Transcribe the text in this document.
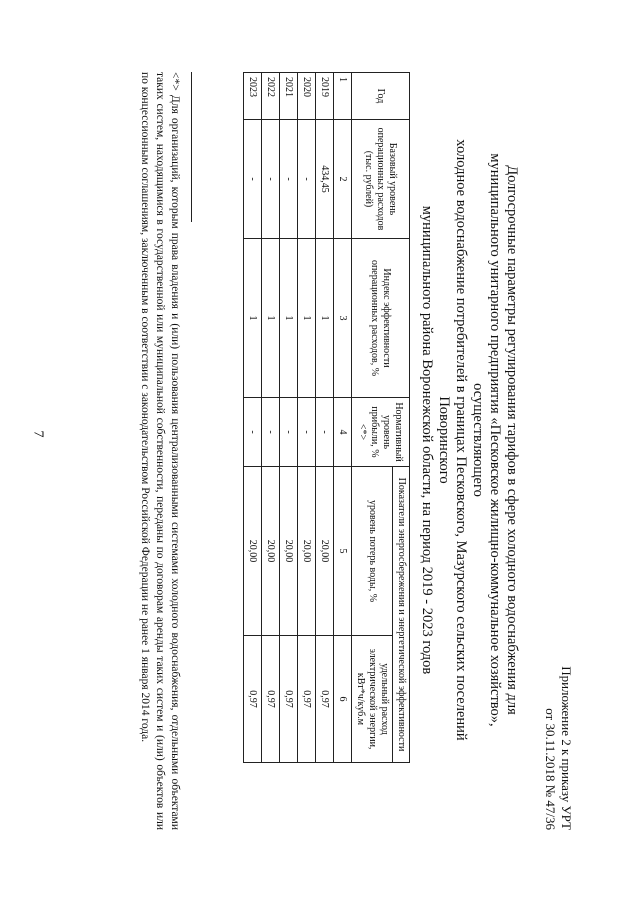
7
Приложение 2 к приказу УРТ
от 30.11.2018 № 47/36
Долгосрочные параметры регулирования тарифов в сфере холодного водоснабжения для
муниципального унитарного предприятия «Песковское жилищно-коммунальное хозяйство», осуществляющего
холодное водоснабжение потребителей в границах Песковского, Мазурского сельских поселений Поворинского
муниципального района Воронежской области, на период 2019 - 2023 годов
Год	Базовый уровень операционных расходов (тыс. рублей)	Индекс эффективности операционных расходов, %	Нормативный уровень прибыли, % <*>	Показатели энергосбережения и энергетической эффективности	
				уровень потерь воды, %	удельный расход электрической энергии, кВт*ч/куб.м
1	2	3	4	5	6
2019	434,45	1	-	20,00	0,97
2020	-	1	-	20,00	0,97
2021	-	1	-	20,00	0,97
2022	-	1	-	20,00	0,97
2023	-	1	-	20,00	0,97
<*> Для организаций, которым права владения и (или) пользования централизованными системами холодного водоснабжения, отдельными объектами таких систем, находящимися в государственной или муниципальной собственности, переданы по договорам аренды таких систем и (или) объектов или по концессионным соглашениям, заключенным в соответствии с законодательством Российской Федерации не ранее 1 января 2014 года.
